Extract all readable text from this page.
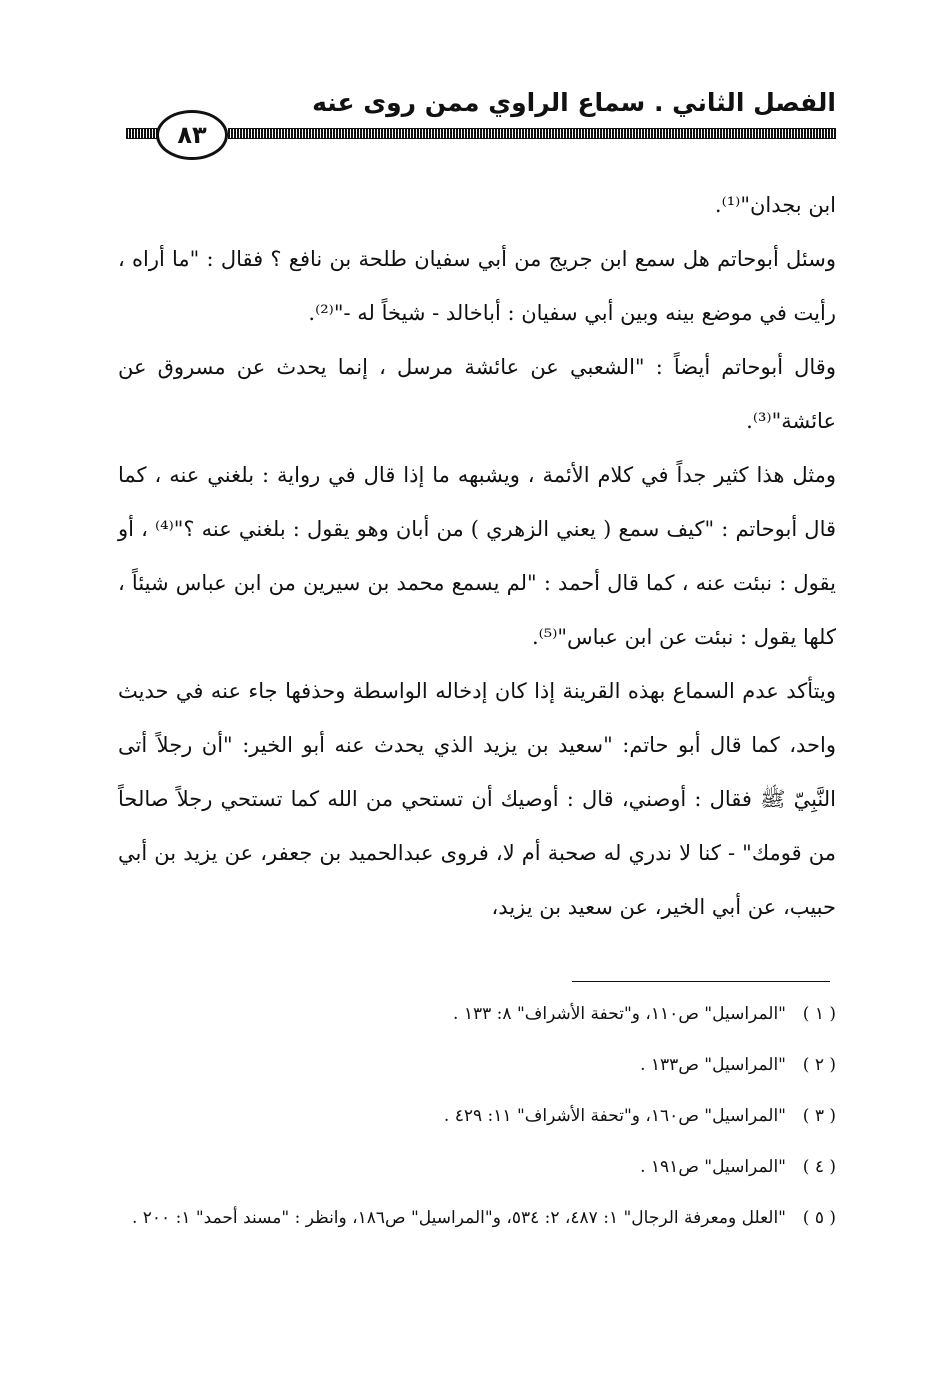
الفصل الثاني . سماع الراوي ممن روى عنه
٨٣

ابن بجدان"⁽¹⁾.

وسئل أبوحاتم هل سمع ابن جريج من أبي سفيان طلحة بن نافع ؟ فقال : "ما أراه ، رأيت في موضع بينه وبين أبي سفيان : أباخالد - شيخاً له -"⁽²⁾.

وقال أبوحاتم أيضاً : "الشعبي عن عائشة مرسل ، إنما يحدث عن مسروق عن عائشة"⁽³⁾.

ومثل هذا كثير جداً في كلام الأئمة ، ويشبهه ما إذا قال في رواية : بلغني عنه ، كما قال أبوحاتم : "كيف سمع ( يعني الزهري ) من أبان وهو يقول : بلغني عنه ؟"⁽⁴⁾ ، أو يقول : نبئت عنه ، كما قال أحمد : "لم يسمع محمد بن سيرين من ابن عباس شيئاً ، كلها يقول : نبئت عن ابن عباس"⁽⁵⁾.

ويتأكد عدم السماع بهذه القرينة إذا كان إدخاله الواسطة وحذفها جاء عنه في حديث واحد، كما قال أبو حاتم: "سعيد بن يزيد الذي يحدث عنه أبو الخير: "أن رجلاً أتى النَّبِيّ ﷺ فقال : أوصني، قال : أوصيك أن تستحي من الله كما تستحي رجلاً صالحاً من قومك" - كنا لا ندري له صحبة أم لا، فروى عبدالحميد بن جعفر، عن يزيد بن أبي حبيب، عن أبي الخير، عن سعيد بن يزيد،

( ١ )
"المراسيل" ص١١٠، و"تحفة الأشراف" ٨: ١٣٣ .
( ٢ )
"المراسيل" ص١٣٣ .
( ٣ )
"المراسيل" ص١٦٠، و"تحفة الأشراف" ١١: ٤٢٩ .
( ٤ )
"المراسيل" ص١٩١ .
( ٥ )
"العلل ومعرفة الرجال" ١: ٤٨٧، ٢: ٥٣٤، و"المراسيل" ص١٨٦، وانظر : "مسند أحمد" ١: ٢٠٠ .
